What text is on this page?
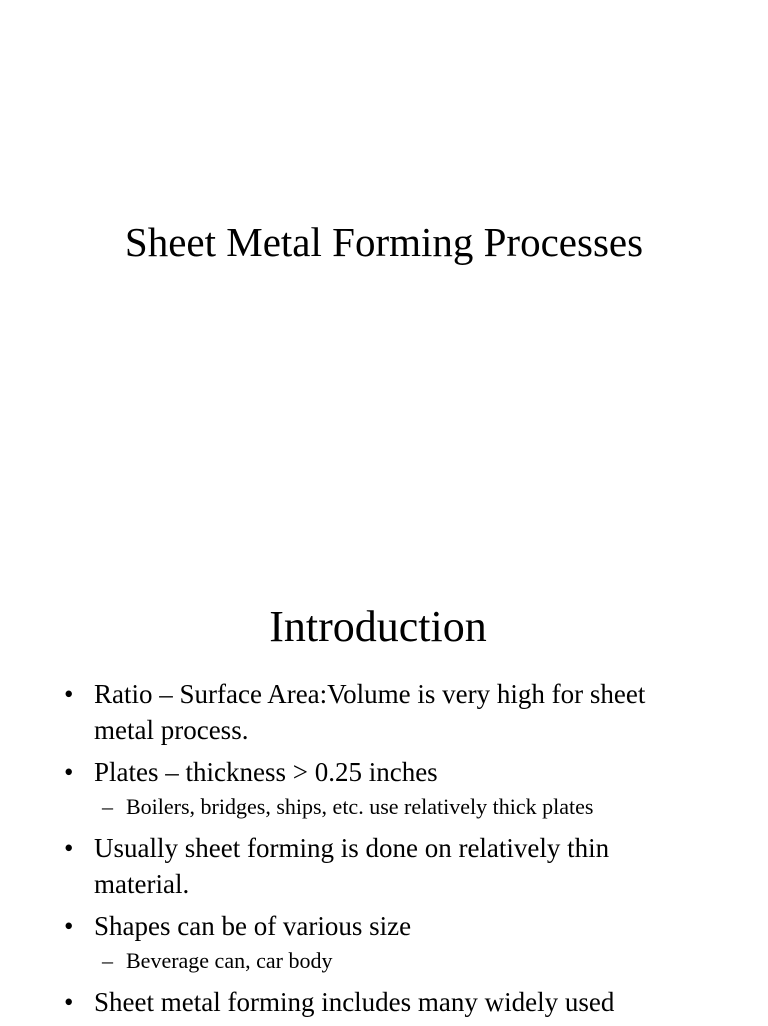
Sheet Metal Forming Processes
Introduction
• Ratio – Surface Area:Volume is very high for sheet metal process.
• Plates – thickness > 0.25 inches
– Boilers, bridges, ships, etc. use relatively thick plates
• Usually sheet forming is done on relatively thin material.
• Shapes can be of various size
– Beverage can, car body
• Sheet metal forming includes many widely used
